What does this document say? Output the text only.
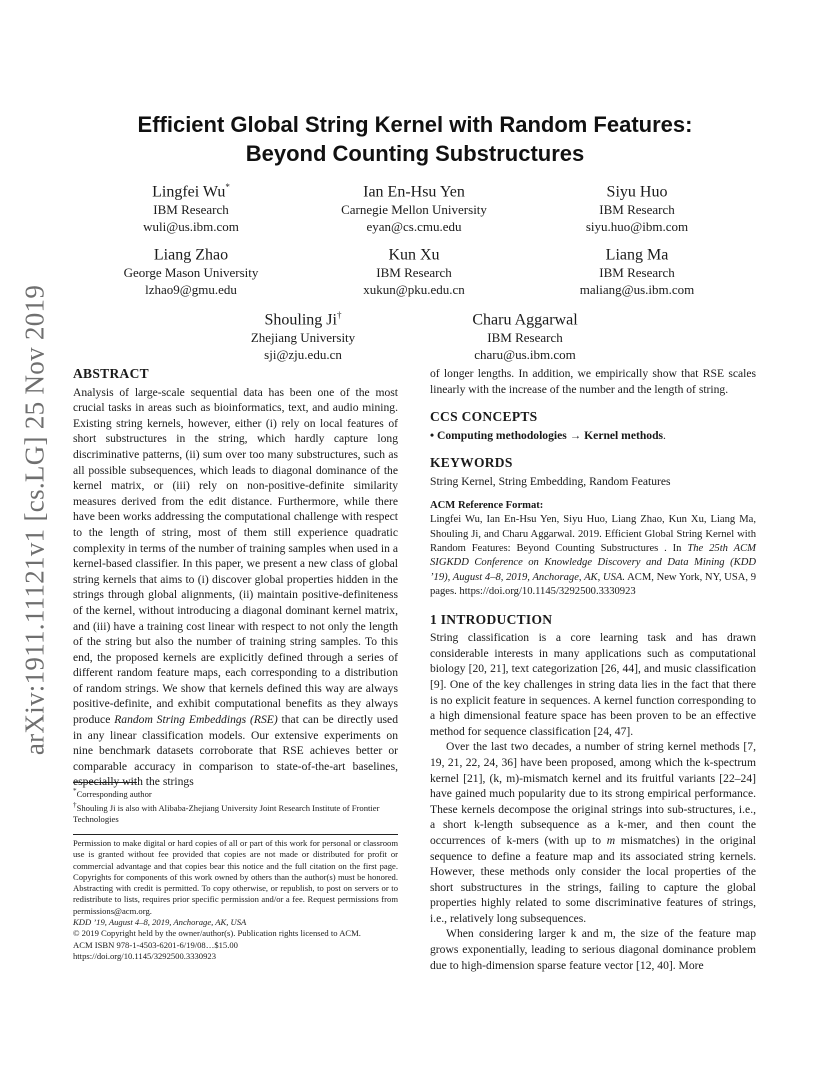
arXiv:1911.11121v1 [cs.LG] 25 Nov 2019
Efficient Global String Kernel with Random Features:
Beyond Counting Substructures
Lingfei Wu*
IBM Research
wuli@us.ibm.com
Ian En-Hsu Yen
Carnegie Mellon University
eyan@cs.cmu.edu
Siyu Huo
IBM Research
siyu.huo@ibm.com
Liang Zhao
George Mason University
lzhao9@gmu.edu
Kun Xu
IBM Research
xukun@pku.edu.cn
Liang Ma
IBM Research
maliang@us.ibm.com
Shouling Ji†
Zhejiang University
sji@zju.edu.cn
Charu Aggarwal
IBM Research
charu@us.ibm.com
ABSTRACT

Analysis of large-scale sequential data has been one of the most crucial tasks in areas such as bioinformatics, text, and audio mining. Existing string kernels, however, either (i) rely on local features of short substructures in the string, which hardly capture long discriminative patterns, (ii) sum over too many substructures, such as all possible subsequences, which leads to diagonal dominance of the kernel matrix, or (iii) rely on non-positive-definite similarity measures derived from the edit distance. Furthermore, while there have been works addressing the computational challenge with respect to the length of string, most of them still experience quadratic complexity in terms of the number of training samples when used in a kernel-based classifier. In this paper, we present a new class of global string kernels that aims to (i) discover global properties hidden in the strings through global alignments, (ii) maintain positive-definiteness of the kernel, without introducing a diagonal dominant kernel matrix, and (iii) have a training cost linear with respect to not only the length of the string but also the number of training string samples. To this end, the proposed kernels are explicitly defined through a series of different random feature maps, each corresponding to a distribution of random strings. We show that kernels defined this way are always positive-definite, and exhibit computational benefits as they always produce Random String Embeddings (RSE) that can be directly used in any linear classification models. Our extensive experiments on nine benchmark datasets corroborate that RSE achieves better or comparable accuracy in comparison to state-of-the-art baselines, especially with the strings

*Corresponding author
†Shouling Ji is also with Alibaba-Zhejiang University Joint Research Institute of Frontier Technologies

Permission to make digital or hard copies of all or part of this work for personal or classroom use is granted without fee provided that copies are not made or distributed for profit or commercial advantage and that copies bear this notice and the full citation on the first page. Copyrights for components of this work owned by others than the author(s) must be honored. Abstracting with credit is permitted. To copy otherwise, or republish, to post on servers or to redistribute to lists, requires prior specific permission and/or a fee. Request permissions from permissions@acm.org.

KDD ’19, August 4–8, 2019, Anchorage, AK, USA

© 2019 Copyright held by the owner/author(s). Publication rights licensed to ACM.

ACM ISBN 978-1-4503-6201-6/19/08…$15.00

https://doi.org/10.1145/3292500.3330923

of longer lengths. In addition, we empirically show that RSE scales linearly with the increase of the number and the length of string.

CCS CONCEPTS

• Computing methodologies → Kernel methods.

KEYWORDS

String Kernel, String Embedding, Random Features

ACM Reference Format:

Lingfei Wu, Ian En-Hsu Yen, Siyu Huo, Liang Zhao, Kun Xu, Liang Ma, Shouling Ji, and Charu Aggarwal. 2019. Efficient Global String Kernel with Random Features: Beyond Counting Substructures . In The 25th ACM SIGKDD Conference on Knowledge Discovery and Data Mining (KDD ’19), August 4–8, 2019, Anchorage, AK, USA. ACM, New York, NY, USA, 9 pages. https://doi.org/10.1145/3292500.3330923

1 INTRODUCTION

String classification is a core learning task and has drawn considerable interests in many applications such as computational biology [20, 21], text categorization [26, 44], and music classification [9]. One of the key challenges in string data lies in the fact that there is no explicit feature in sequences. A kernel function corresponding to a high dimensional feature space has been proven to be an effective method for sequence classification [24, 47].

Over the last two decades, a number of string kernel methods [7, 19, 21, 22, 24, 36] have been proposed, among which the k-spectrum kernel [21], (k, m)-mismatch kernel and its fruitful variants [22–24] have gained much popularity due to its strong empirical performance. These kernels decompose the original strings into sub-structures, i.e., a short k-length subsequence as a k-mer, and then count the occurrences of k-mers (with up to m mismatches) in the original sequence to define a feature map and its associated string kernels. However, these methods only consider the local properties of the short substructures in the strings, failing to capture the global properties highly related to some discriminative features of strings, i.e., relatively long subsequences.

When considering larger k and m, the size of the feature map grows exponentially, leading to serious diagonal dominance problem due to high-dimension sparse feature vector [12, 40]. More
